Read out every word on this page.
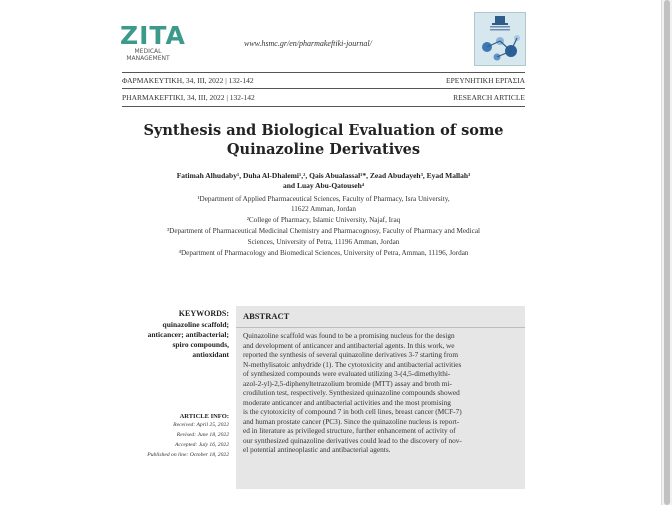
ZITA
MEDICAL
MANAGEMENT
www.hsmc.gr/en/pharmakeftiki-journal/
ΦΑΡΜΑΚΕΥΤΙΚΗ, 34, III, 2022 | 132-142	ΕΡΕΥΝΗΤΙΚΗ ΕΡΓΑΣΙΑ
PHARMAKEFTIKI, 34, III, 2022 | 132-142	RESEARCH ARTICLE
Synthesis and Biological Evaluation of some
Quinazoline Derivatives
Fatimah Alhudaby¹, Duha Al-Dhalemi¹,², Qais Abualassal¹*, Zead Abudayeh³, Eyad Mallah³
and Luay Abu-Qatouseh⁴
¹Department of Applied Pharmaceutical Sciences, Faculty of Pharmacy, Isra University,
11622 Amman, Jordan
²College of Pharmacy, Islamic University, Najaf, Iraq
³Department of Pharmaceutical Medicinal Chemistry and Pharmacognosy, Faculty of Pharmacy and Medical
Sciences, University of Petra, 11196 Amman, Jordan
⁴Department of Pharmacology and Biomedical Sciences, University of Petra, Amman, 11196, Jordan
KEYWORDS:
quinazoline scaffold;
anticancer; antibacterial;
spiro compounds,
antioxidant
ARTICLE INFO:
Received: April 25, 2022
Revised: June 18, 2022
Accepted: July 16, 2022
Published on line: October 18, 2022
ABSTRACT
Quinazoline scaffold was found to be a promising nucleus for the design
and development of anticancer and antibacterial agents. In this work, we
reported the synthesis of several quinazoline derivatives 3-7 starting from
N-methylisatoic anhydride (1). The cytotoxicity and antibacterial activities
of synthesized compounds were evaluated utilizing 3-(4,5-dimethylthi-
azol-2-yl)-2,5-diphenyltetrazolium bromide (MTT) assay and broth mi-
crodilution test, respectively. Synthesized quinazoline compounds showed
moderate anticancer and antibacterial activities and the most promising
is the cytotoxicity of compound 7 in both cell lines, breast cancer (MCF-7)
and human prostate cancer (PC3). Since the quinazoline nucleus is report-
ed in literature as privileged structure, further enhancement of activity of
our synthesized quinazoline derivatives could lead to the discovery of nov-
el potential antineoplastic and antibacterial agents.
